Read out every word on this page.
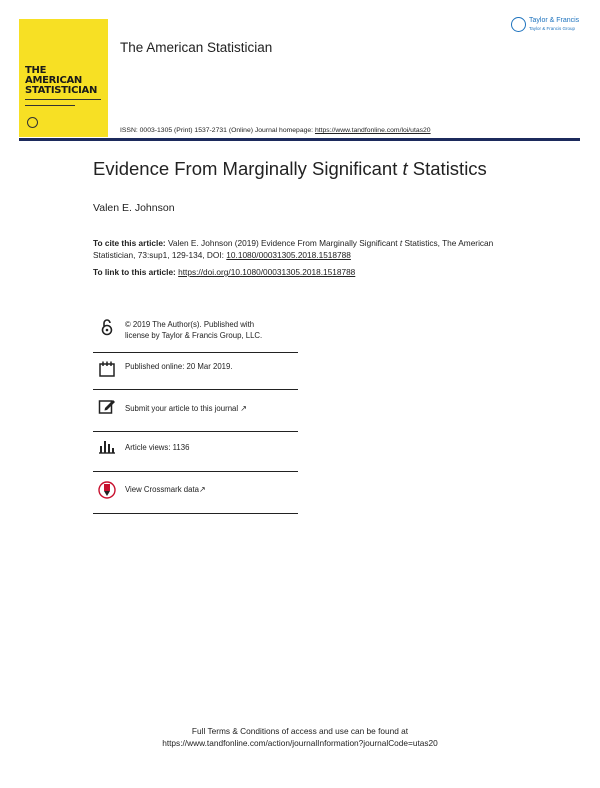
THE
AMERICAN
STATISTICIAN
The American Statistician
Taylor & Francis
Taylor & Francis Group
ISSN: 0003-1305 (Print) 1537-2731 (Online) Journal homepage: https://www.tandfonline.com/loi/utas20
Evidence From Marginally Significant t Statistics
Valen E. Johnson
To cite this article: Valen E. Johnson (2019) Evidence From Marginally Significant t Statistics, The American Statistician, 73:sup1, 129-134, DOI: 10.1080/00031305.2018.1518788
To link to this article: https://doi.org/10.1080/00031305.2018.1518788
© 2019 The Author(s). Published with
license by Taylor & Francis Group, LLC.
Published online: 20 Mar 2019.
Submit your article to this journal ↗
Article views: 1136
View Crossmark data↗
Full Terms & Conditions of access and use can be found at
https://www.tandfonline.com/action/journalInformation?journalCode=utas20
